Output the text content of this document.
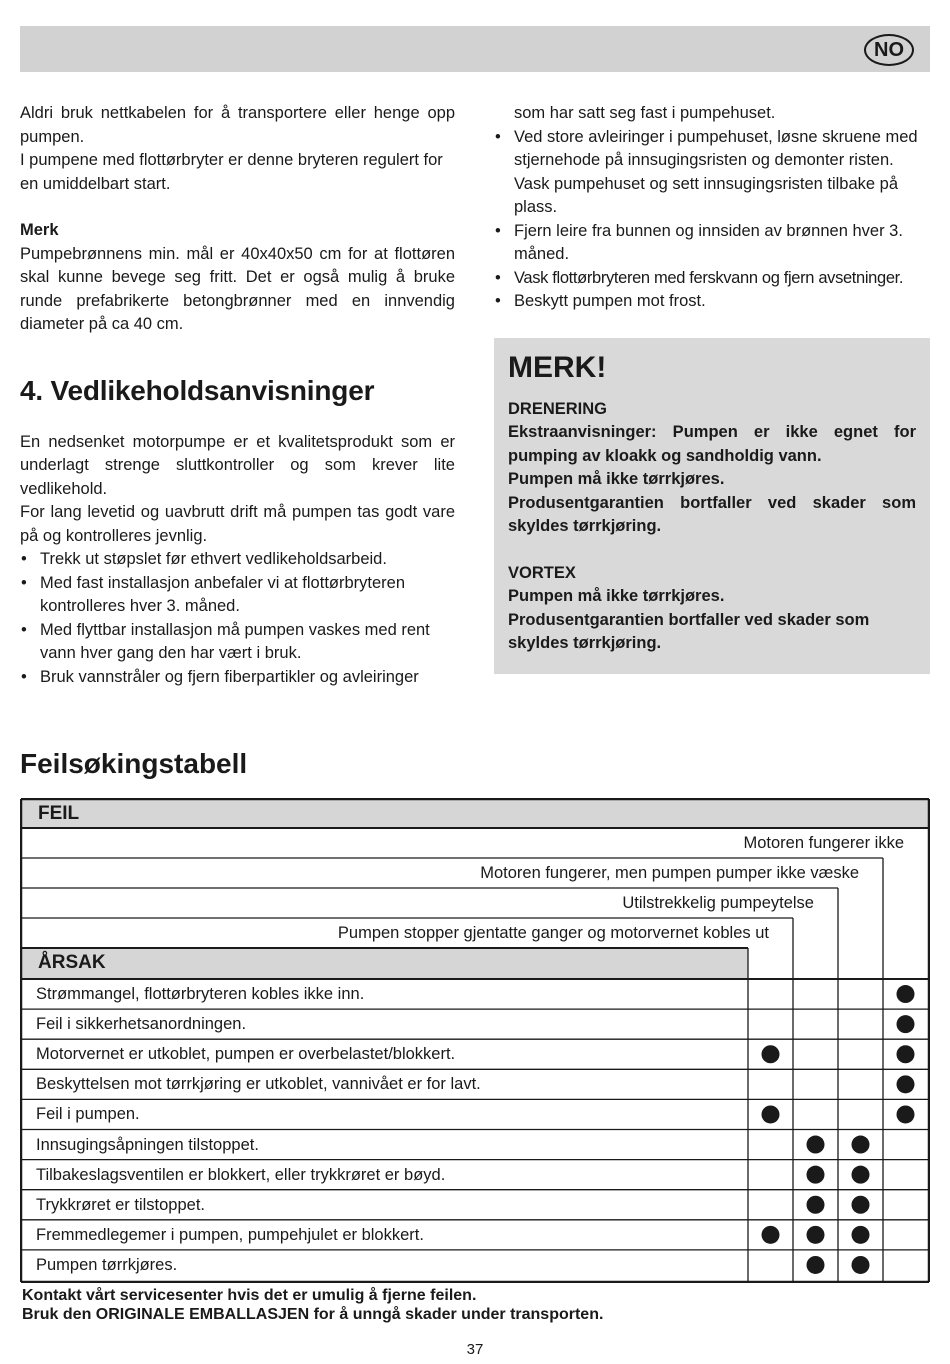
NO

Aldri bruk nettkabelen for å transportere eller henge opp pumpen.

I pumpene med flottørbryter er denne bryteren regulert for en umiddelbart start.

Merk

Pumpebrønnens min. mål er 40x40x50 cm for at flottøren skal kunne bevege seg fritt. Det er også mulig å bruke runde prefabrikerte betongbrønner med en innvendig diameter på ca 40 cm.

4. Vedlikeholdsanvisninger

En nedsenket motorpumpe er et kvalitetsprodukt som er underlagt strenge sluttkontroller og som krever lite vedlikehold.

For lang levetid og uavbrutt drift må pumpen tas godt vare på og kontrolleres jevnlig.

• Trekk ut støpslet før ethvert vedlikeholdsarbeid.
• Med fast installasjon anbefaler vi at flottørbryteren kontrolleres hver 3. måned.
• Med flyttbar installasjon må pumpen vaskes med rent vann hver gang den har vært i bruk.
• Bruk vannstråler og fjern fiberpartikler og avleiringer

som har satt seg fast i pumpehuset.

• Ved store avleiringer i pumpehuset, løsne skruene med stjernehode på innsugingsristen og demonter risten. Vask pumpehuset og sett innsugingsristen tilbake på plass.
• Fjern leire fra bunnen og innsiden av brønnen hver 3. måned.
• Vask flottørbryteren med ferskvann og fjern avsetninger.
• Beskytt pumpen mot frost.
MERK!

DRENERING

Ekstraanvisninger: Pumpen er ikke egnet for pumping av kloakk og sandholdig vann.

Pumpen må ikke tørrkjøres.

Produsentgarantien bortfaller ved skader som skyldes tørrkjøring.

VORTEX

Pumpen må ikke tørrkjøres.

Produsentgarantien bortfaller ved skader som skyldes tørrkjøring.

Feilsøkingstabell
FEIL
ÅRSAK
Pumpen stopper gjentatte ganger og motorvernet kobles ut
Utilstrekkelig pumpeytelse
Motoren fungerer, men pumpen pumper ikke væske
Motoren fungerer ikke
Strømmangel, flottørbryteren kobles ikke inn.
Feil i sikkerhetsanordningen.
Motorvernet er utkoblet, pumpen er overbelastet/blokkert.
Beskyttelsen mot tørrkjøring er utkoblet, vannivået er for lavt.
Feil i pumpen.
Innsugingsåpningen tilstoppet.
Tilbakeslagsventilen er blokkert, eller trykkrøret er bøyd.
Trykkrøret er tilstoppet.
Fremmedlegemer i pumpen, pumpehjulet er blokkert.
Pumpen tørrkjøres.
Kontakt vårt servicesenter hvis det er umulig å fjerne feilen.
Bruk den ORIGINALE EMBALLASJEN for å unngå skader under transporten.
37
